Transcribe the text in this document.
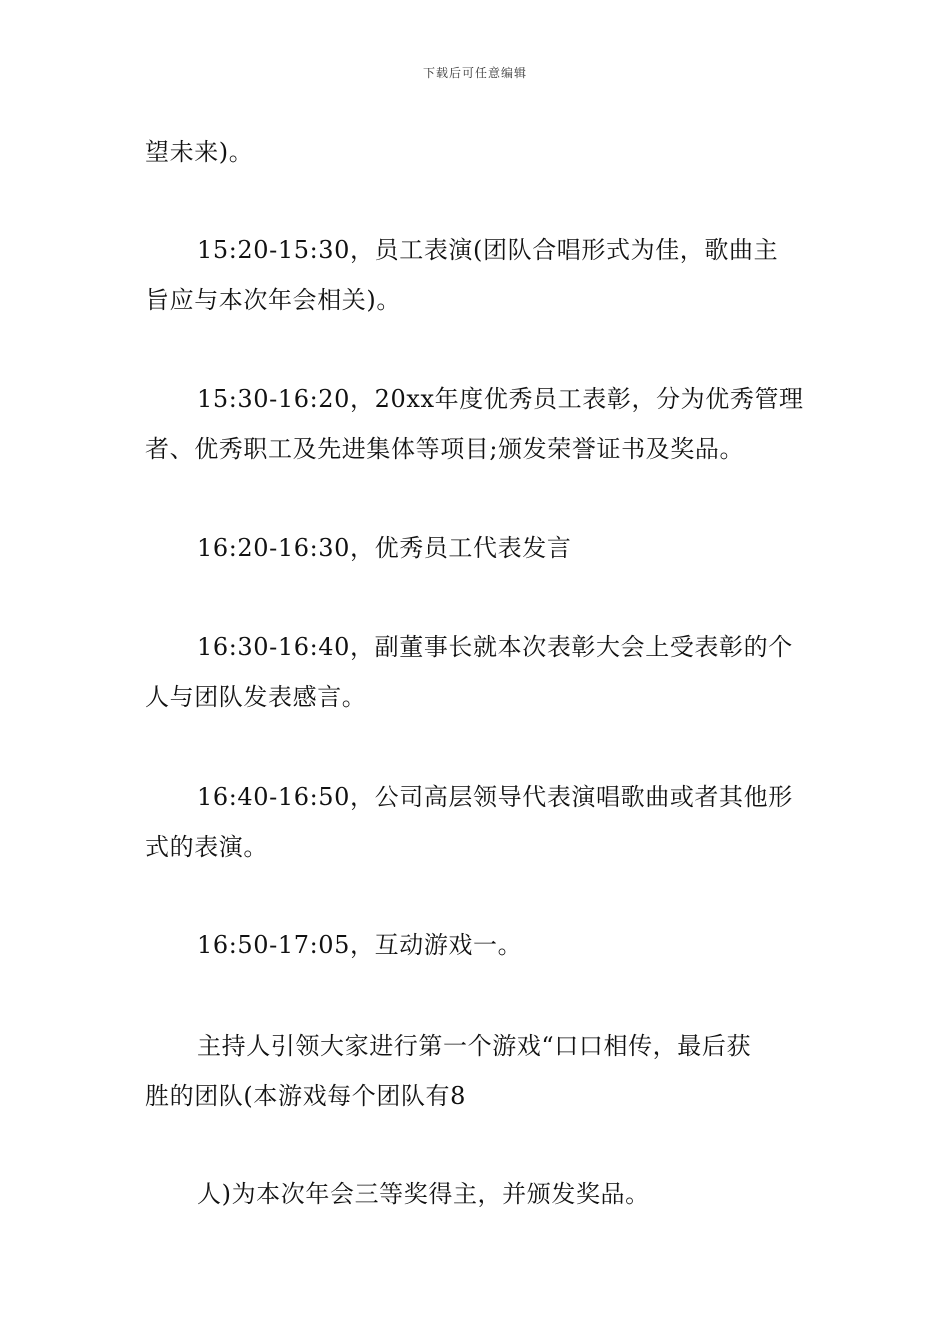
下载后可任意编辑
望未来)。
15:20-15:30，员工表演(团队合唱形式为佳，歌曲主
旨应与本次年会相关)。
15:30-16:20，20xx年度优秀员工表彰，分为优秀管理
者、优秀职工及先进集体等项目;颁发荣誉证书及奖品。
16:20-16:30，优秀员工代表发言
16:30-16:40，副董事长就本次表彰大会上受表彰的个
人与团队发表感言。
16:40-16:50，公司高层领导代表演唱歌曲或者其他形
式的表演。
16:50-17:05，互动游戏一。
主持人引领大家进行第一个游戏“口口相传，最后获
胜的团队(本游戏每个团队有8
人)为本次年会三等奖得主，并颁发奖品。
